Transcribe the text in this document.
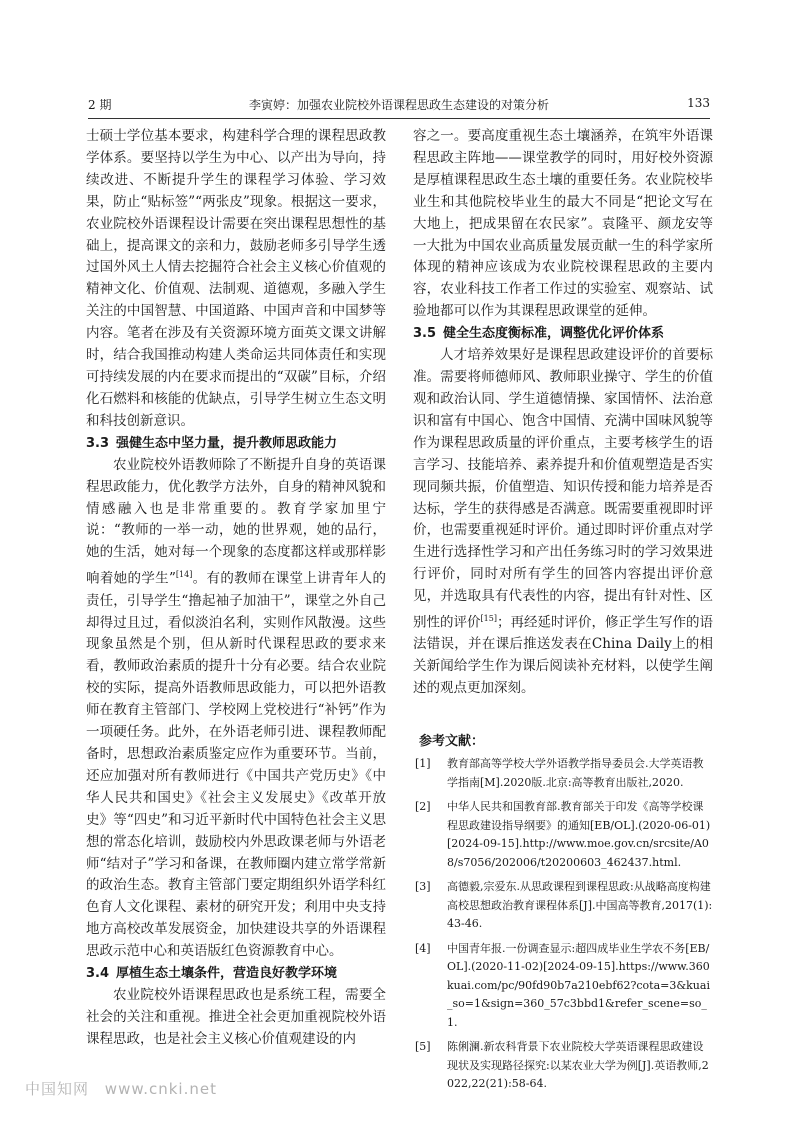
2 期	李寅婷：加强农业院校外语课程思政生态建设的对策分析	133

士硕士学位基本要求，构建科学合理的课程思政教学体系。要坚持以学生为中心、以产出为导向，持续改进、不断提升学生的课程学习体验、学习效果，防止“贴标签”“两张皮”现象。根据这一要求，农业院校外语课程设计需要在突出课程思想性的基础上，提高课文的亲和力，鼓励老师多引导学生透过国外风土人情去挖掘符合社会主义核心价值观的精神文化、价值观、法制观、道德观，多融入学生关注的中国智慧、中国道路、中国声音和中国梦等内容。笔者在涉及有关资源环境方面英文课文讲解时，结合我国推动构建人类命运共同体责任和实现可持续发展的内在要求而提出的“双碳”目标，介绍化石燃料和核能的优缺点，引导学生树立生态文明和科技创新意识。

3.3 强健生态中坚力量，提升教师思政能力

农业院校外语教师除了不断提升自身的英语课程思政能力，优化教学方法外，自身的精神风貌和情感融入也是非常重要的。教育学家加里宁说：“教师的一举一动，她的世界观，她的品行，她的生活，她对每一个现象的态度都这样或那样影响着她的学生”[14]。有的教师在课堂上讲青年人的责任，引导学生“撸起袖子加油干”，课堂之外自己却得过且过，看似淡泊名利，实则作风散漫。这些现象虽然是个别，但从新时代课程思政的要求来看，教师政治素质的提升十分有必要。结合农业院校的实际，提高外语教师思政能力，可以把外语教师在教育主管部门、学校网上党校进行“补钙”作为一项硬任务。此外，在外语老师引进、课程教师配备时，思想政治素质鉴定应作为重要环节。当前，还应加强对所有教师进行《中国共产党历史》《中华人民共和国史》《社会主义发展史》《改革开放史》等“四史”和习近平新时代中国特色社会主义思想的常态化培训，鼓励校内外思政课老师与外语老师“结对子”学习和备课，在教师圈内建立常学常新的政治生态。教育主管部门要定期组织外语学科红色育人文化课程、素材的研究开发；利用中央支持地方高校改革发展资金，加快建设共享的外语课程思政示范中心和英语版红色资源教育中心。

3.4 厚植生态土壤条件，营造良好教学环境

农业院校外语课程思政也是系统工程，需要全社会的关注和重视。推进全社会更加重视院校外语课程思政，也是社会主义核心价值观建设的内

容之一。要高度重视生态土壤涵养，在筑牢外语课程思政主阵地——课堂教学的同时，用好校外资源是厚植课程思政生态土壤的重要任务。农业院校毕业生和其他院校毕业生的最大不同是“把论文写在大地上，把成果留在农民家”。袁隆平、颜龙安等一大批为中国农业高质量发展贡献一生的科学家所体现的精神应该成为农业院校课程思政的主要内容，农业科技工作者工作过的实验室、观察站、试验地都可以作为其课程思政课堂的延伸。

3.5 健全生态度衡标准，调整优化评价体系

人才培养效果好是课程思政建设评价的首要标准。需要将师德师风、教师职业操守、学生的价值观和政治认同、学生道德情操、家国情怀、法治意识和富有中国心、饱含中国情、充满中国味风貌等作为课程思政质量的评价重点，主要考核学生的语言学习、技能培养、素养提升和价值观塑造是否实现同频共振，价值塑造、知识传授和能力培养是否达标，学生的获得感是否满意。既需要重视即时评价，也需要重视延时评价。通过即时评价重点对学生进行选择性学习和产出任务练习时的学习效果进行评价，同时对所有学生的回答内容提出评价意见，并选取具有代表性的内容，提出有针对性、区别性的评价[15]；再经延时评价，修正学生写作的语法错误，并在课后推送发表在China Daily上的相关新闻给学生作为课后阅读补充材料，以使学生阐述的观点更加深刻。

参考文献：
[1] 教育部高等学校大学外语教学指导委员会.大学英语教学指南[M].2020版.北京:高等教育出版社,2020.
[2] 中华人民共和国教育部.教育部关于印发《高等学校课程思政建设指导纲要》的通知[EB/OL].(2020-06-01)[2024-09-15].http://www.moe.gov.cn/srcsite/A08/s7056/202006/t20200603_462437.html.
[3] 高德毅,宗爱东.从思政课程到课程思政:从战略高度构建高校思想政治教育课程体系[J].中国高等教育,2017(1):43-46.
[4] 中国青年报.一份调查显示:超四成毕业生学农不务[EB/OL].(2020-11-02)[2024-09-15].https://www.360kuai.com/pc/90fd90b7a210ebf62?cota=3&kuai_so=1&sign=360_57c3bbd1&refer_scene=so_1.
[5] 陈俐澜.新农科背景下农业院校大学英语课程思政建设现状及实现路径探究:以某农业大学为例[J].英语教师,2022,22(21):58-64.
中国知网 www.cnki.net
